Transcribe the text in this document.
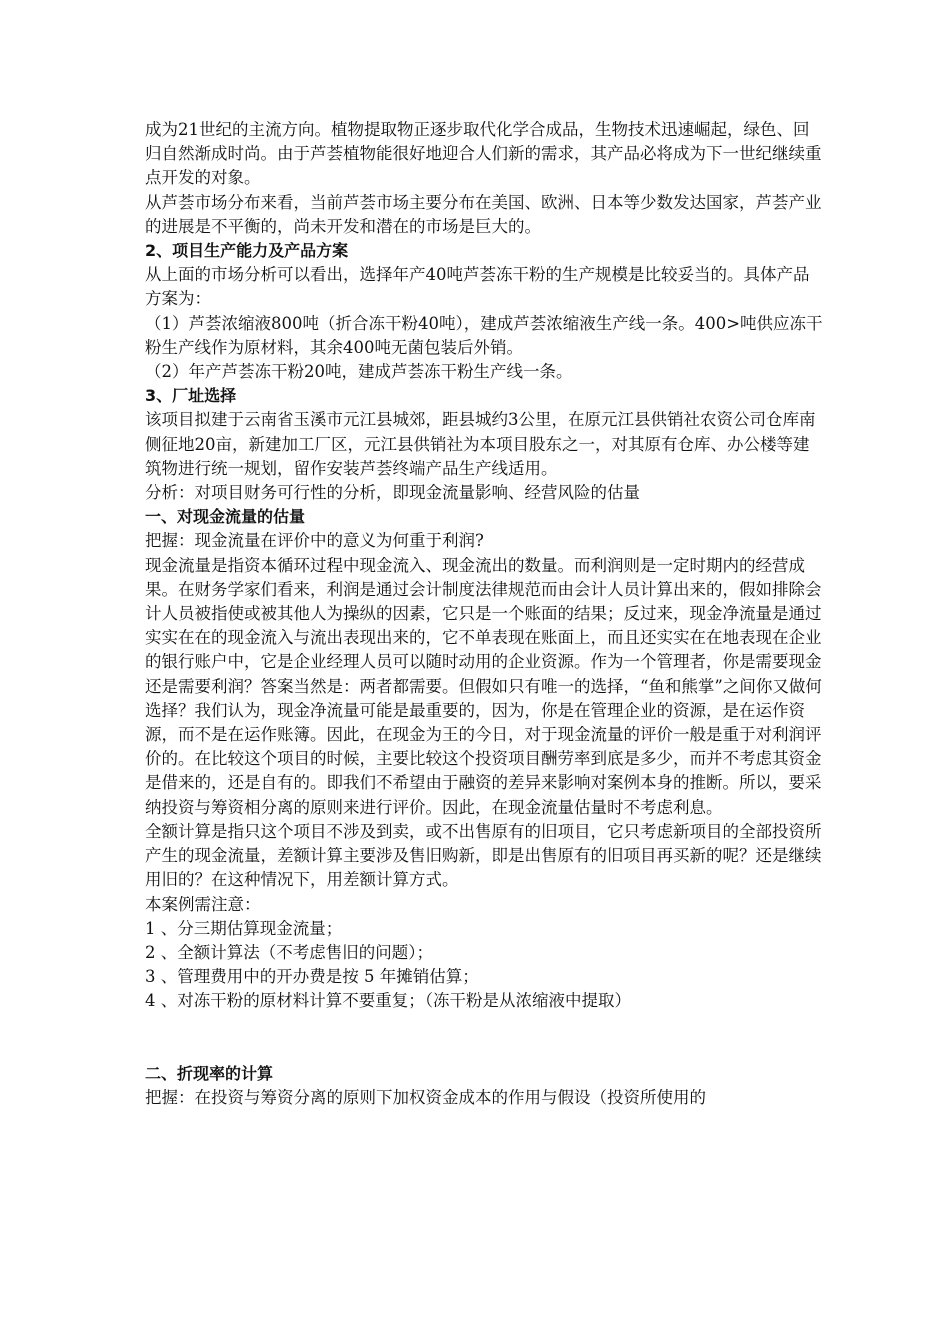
成为21世纪的主流方向。植物提取物正逐步取代化学合成品，生物技术迅速崛起，绿色、回归自然渐成时尚。由于芦荟植物能很好地迎合人们新的需求，其产品必将成为下一世纪继续重点开发的对象。

从芦荟市场分布来看，当前芦荟市场主要分布在美国、欧洲、日本等少数发达国家，芦荟产业的进展是不平衡的，尚未开发和潜在的市场是巨大的。

2、项目生产能力及产品方案

从上面的市场分析可以看出，选择年产40吨芦荟冻干粉的生产规模是比较妥当的。具体产品方案为：

（1）芦荟浓缩液800吨（折合冻干粉40吨），建成芦荟浓缩液生产线一条。400>吨供应冻干粉生产线作为原材料，其余400吨无菌包装后外销。

（2）年产芦荟冻干粉20吨，建成芦荟冻干粉生产线一条。

3、厂址选择

该项目拟建于云南省玉溪市元江县城郊，距县城约3公里，在原元江县供销社农资公司仓库南侧征地20亩，新建加工厂区，元江县供销社为本项目股东之一，对其原有仓库、办公楼等建筑物进行统一规划，留作安装芦荟终端产品生产线适用。

分析：对项目财务可行性的分析，即现金流量影响、经营风险的估量

一、对现金流量的估量

把握：现金流量在评价中的意义为何重于利润?

现金流量是指资本循环过程中现金流入、现金流出的数量。而利润则是一定时期内的经营成果。在财务学家们看来，利润是通过会计制度法律规范而由会计人员计算出来的，假如排除会计人员被指使或被其他人为操纵的因素，它只是一个账面的结果；反过来，现金净流量是通过实实在在的现金流入与流出表现出来的，它不单表现在账面上，而且还实实在在地表现在企业的银行账户中，它是企业经理人员可以随时动用的企业资源。作为一个管理者，你是需要现金还是需要利润？答案当然是：两者都需要。但假如只有唯一的选择，“鱼和熊掌”之间你又做何选择？我们认为，现金净流量可能是最重要的，因为，你是在管理企业的资源，是在运作资源，而不是在运作账簿。因此，在现金为王的今日，对于现金流量的评价一般是重于对利润评价的。在比较这个项目的时候，主要比较这个投资项目酬劳率到底是多少，而并不考虑其资金是借来的，还是自有的。即我们不希望由于融资的差异来影响对案例本身的推断。所以，要采纳投资与筹资相分离的原则来进行评价。因此，在现金流量估量时不考虑利息。

全额计算是指只这个项目不涉及到卖，或不出售原有的旧项目，它只考虑新项目的全部投资所产生的现金流量，差额计算主要涉及售旧购新，即是出售原有的旧项目再买新的呢？还是继续用旧的？在这种情况下，用差额计算方式。

本案例需注意：

1 、分三期估算现金流量；

2 、全额计算法（不考虑售旧的问题）；

3 、管理费用中的开办费是按 5 年摊销估算；

4 、对冻干粉的原材料计算不要重复；（冻干粉是从浓缩液中提取）

二、折现率的计算

把握：在投资与筹资分离的原则下加权资金成本的作用与假设（投资所使用的
